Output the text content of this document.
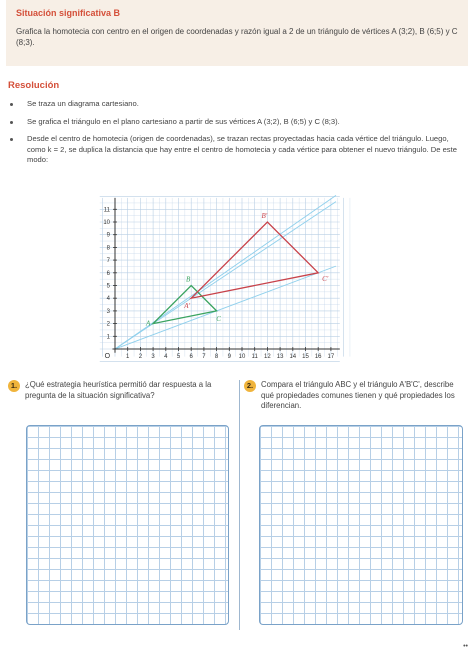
Situación significativa B

Grafica la homotecia con centro en el origen de coordenadas y razón igual a 2 de un triángulo de vértices A (3;2), B (6;5) y C (8;3).

Resolución
Se traza un diagrama cartesiano.
Se grafica el triángulo en el plano cartesiano a partir de sus vértices A (3;2), B (6;5) y C (8;3).
Desde el centro de homotecia (origen de coordenadas), se trazan rectas proyectadas hacia cada vértice del triángulo. Luego, como k = 2, se duplica la distancia que hay entre el centro de homotecia y cada vértice para obtener el nuevo triángulo. De este modo:
1 2 3 4 5 6 7 8 9 10 11 12 13 14 15 16 17
1
2
3
4
5
6
7
8
9
10
11
O
A
B
C
A'
B'
C'
1.	¿Qué estrategia heurística permitió dar respuesta a la pregunta de la situación significativa?
2.	Compara el triángulo ABC y el triángulo A'B'C', describe qué propiedades comunes tienen y qué propiedades los diferencian.
••
